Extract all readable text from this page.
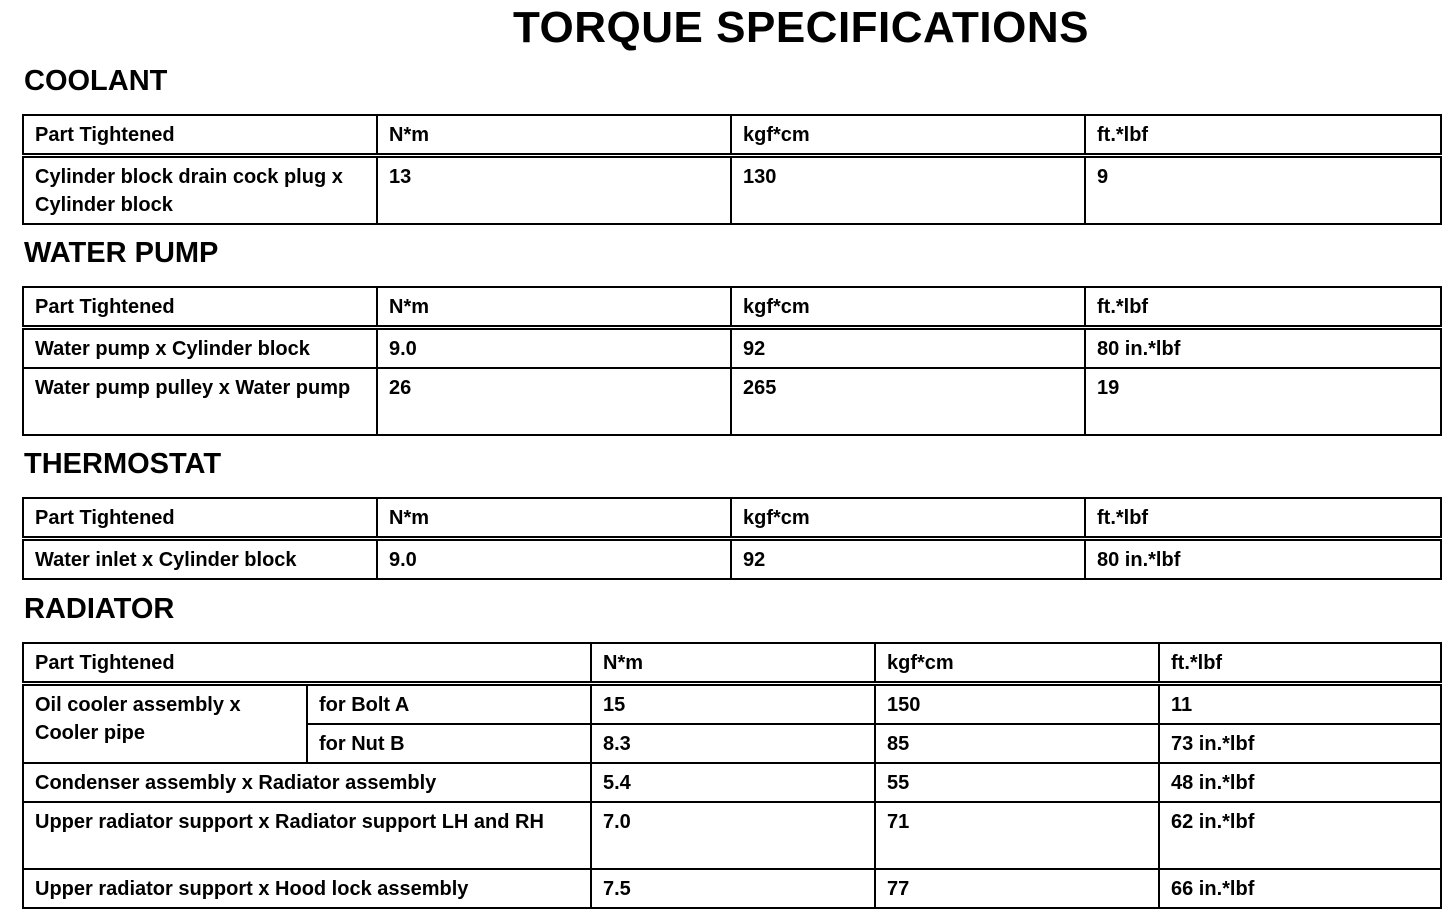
TORQUE SPECIFICATIONS
COOLANT
Part Tightened	N*m	kgf*cm	ft.*lbf
Cylinder block drain cock plug x Cylinder block	13	130	9
WATER PUMP
Part Tightened	N*m	kgf*cm	ft.*lbf
Water pump x Cylinder block	9.0	92	80 in.*lbf
Water pump pulley x Water pump	26	265	19
THERMOSTAT
Part Tightened	N*m	kgf*cm	ft.*lbf
Water inlet x Cylinder block	9.0	92	80 in.*lbf
RADIATOR
Part Tightened		N*m	kgf*cm	ft.*lbf
Oil cooler assembly x Cooler pipe	for Bolt A	15	150	11
	for Nut B	8.3	85	73 in.*lbf
Condenser assembly x Radiator assembly		5.4	55	48 in.*lbf
Upper radiator support x Radiator support LH and RH		7.0	71	62 in.*lbf
Upper radiator support x Hood lock assembly		7.5	77	66 in.*lbf
